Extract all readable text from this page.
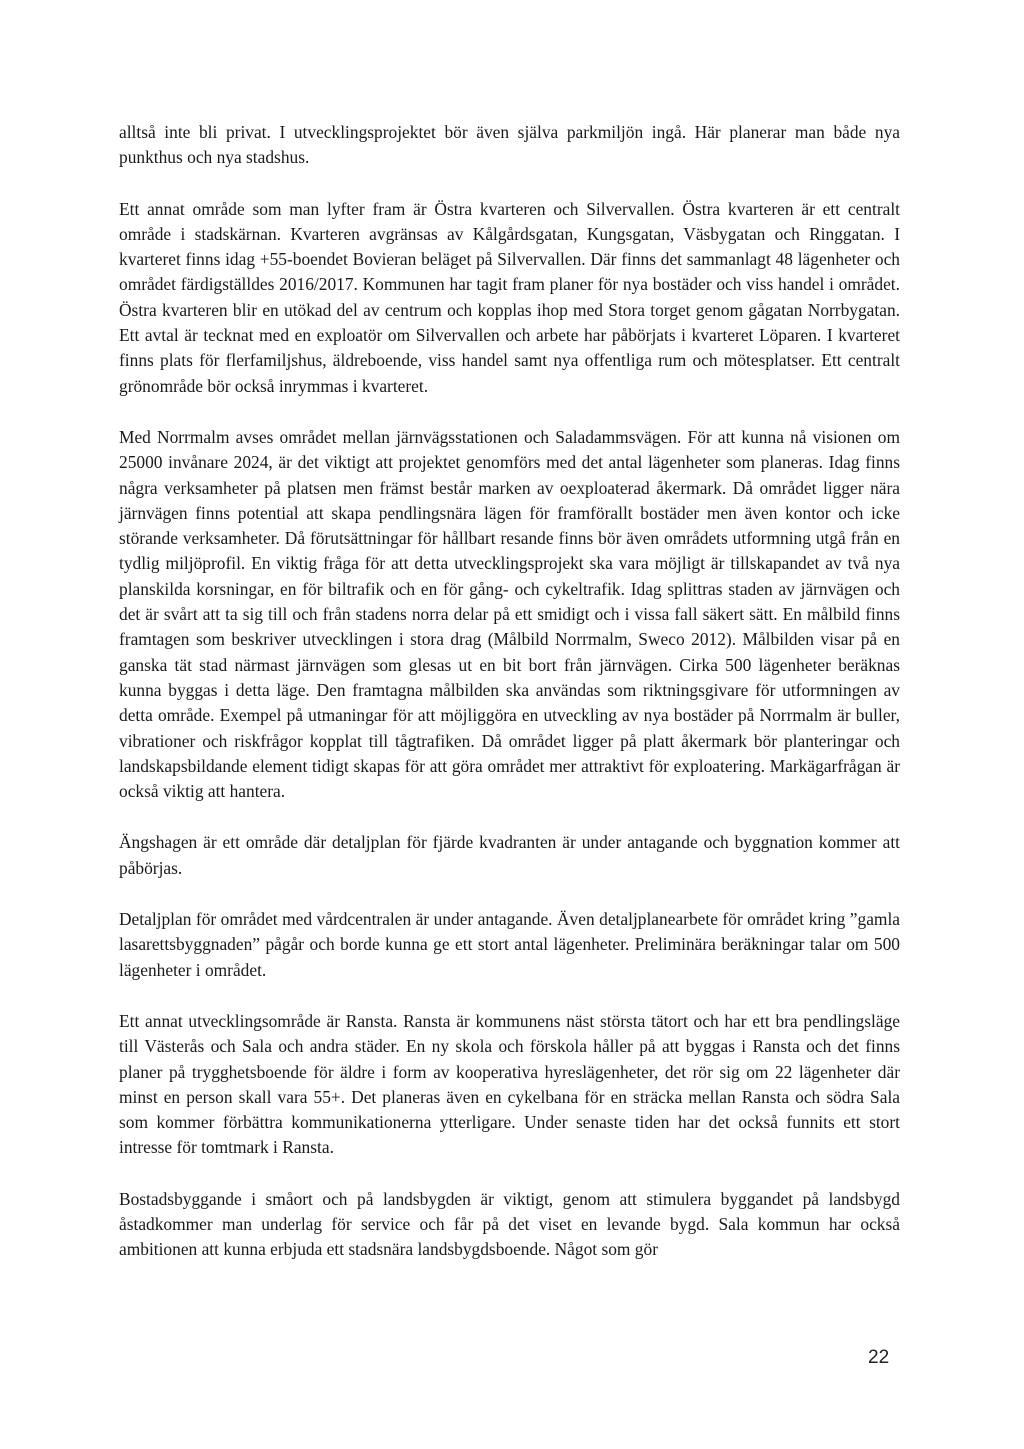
alltså inte bli privat. I utvecklingsprojektet bör även själva parkmiljön ingå. Här planerar man både nya punkthus och nya stadshus.

Ett annat område som man lyfter fram är Östra kvarteren och Silvervallen. Östra kvarteren är ett centralt område i stadskärnan. Kvarteren avgränsas av Kålgårdsgatan, Kungsgatan, Väsbygatan och Ringgatan. I kvarteret finns idag +55-boendet Bovieran beläget på Silvervallen. Där finns det sammanlagt 48 lägenheter och området färdigställdes 2016/2017. Kommunen har tagit fram planer för nya bostäder och viss handel i området. Östra kvarteren blir en utökad del av centrum och kopplas ihop med Stora torget genom gågatan Norrbygatan. Ett avtal är tecknat med en exploatör om Silvervallen och arbete har påbörjats i kvarteret Löparen. I kvarteret finns plats för flerfamiljshus, äldreboende, viss handel samt nya offentliga rum och mötesplatser. Ett centralt grönområde bör också inrymmas i kvarteret.

Med Norrmalm avses området mellan järnvägsstationen och Saladammsvägen. För att kunna nå visionen om 25000 invånare 2024, är det viktigt att projektet genomförs med det antal lägenheter som planeras. Idag finns några verksamheter på platsen men främst består marken av oexploaterad åkermark. Då området ligger nära järnvägen finns potential att skapa pendlingsnära lägen för framförallt bostäder men även kontor och icke störande verksamheter. Då förutsättningar för hållbart resande finns bör även områdets utformning utgå från en tydlig miljöprofil. En viktig fråga för att detta utvecklingsprojekt ska vara möjligt är tillskapandet av två nya planskilda korsningar, en för biltrafik och en för gång- och cykeltrafik. Idag splittras staden av järnvägen och det är svårt att ta sig till och från stadens norra delar på ett smidigt och i vissa fall säkert sätt. En målbild finns framtagen som beskriver utvecklingen i stora drag (Målbild Norrmalm, Sweco 2012). Målbilden visar på en ganska tät stad närmast järnvägen som glesas ut en bit bort från järnvägen. Cirka 500 lägenheter beräknas kunna byggas i detta läge. Den framtagna målbilden ska användas som riktningsgivare för utformningen av detta område. Exempel på utmaningar för att möjliggöra en utveckling av nya bostäder på Norrmalm är buller, vibrationer och riskfrågor kopplat till tågtrafiken. Då området ligger på platt åkermark bör planteringar och landskapsbildande element tidigt skapas för att göra området mer attraktivt för exploatering. Markägarfrågan är också viktig att hantera.

Ängshagen är ett område där detaljplan för fjärde kvadranten är under antagande och byggnation kommer att påbörjas.

Detaljplan för området med vårdcentralen är under antagande. Även detaljplanearbete för området kring ”gamla lasarettsbyggnaden” pågår och borde kunna ge ett stort antal lägenheter. Preliminära beräkningar talar om 500 lägenheter i området.

Ett annat utvecklingsområde är Ransta. Ransta är kommunens näst största tätort och har ett bra pendlingsläge till Västerås och Sala och andra städer. En ny skola och förskola håller på att byggas i Ransta och det finns planer på trygghetsboende för äldre i form av kooperativa hyreslägenheter, det rör sig om 22 lägenheter där minst en person skall vara 55+. Det planeras även en cykelbana för en sträcka mellan Ransta och södra Sala som kommer förbättra kommunikationerna ytterligare. Under senaste tiden har det också funnits ett stort intresse för tomtmark i Ransta.

Bostadsbyggande i småort och på landsbygden är viktigt, genom att stimulera byggandet på landsbygd åstadkommer man underlag för service och får på det viset en levande bygd. Sala kommun har också ambitionen att kunna erbjuda ett stadsnära landsbygdsboende. Något som gör

22
